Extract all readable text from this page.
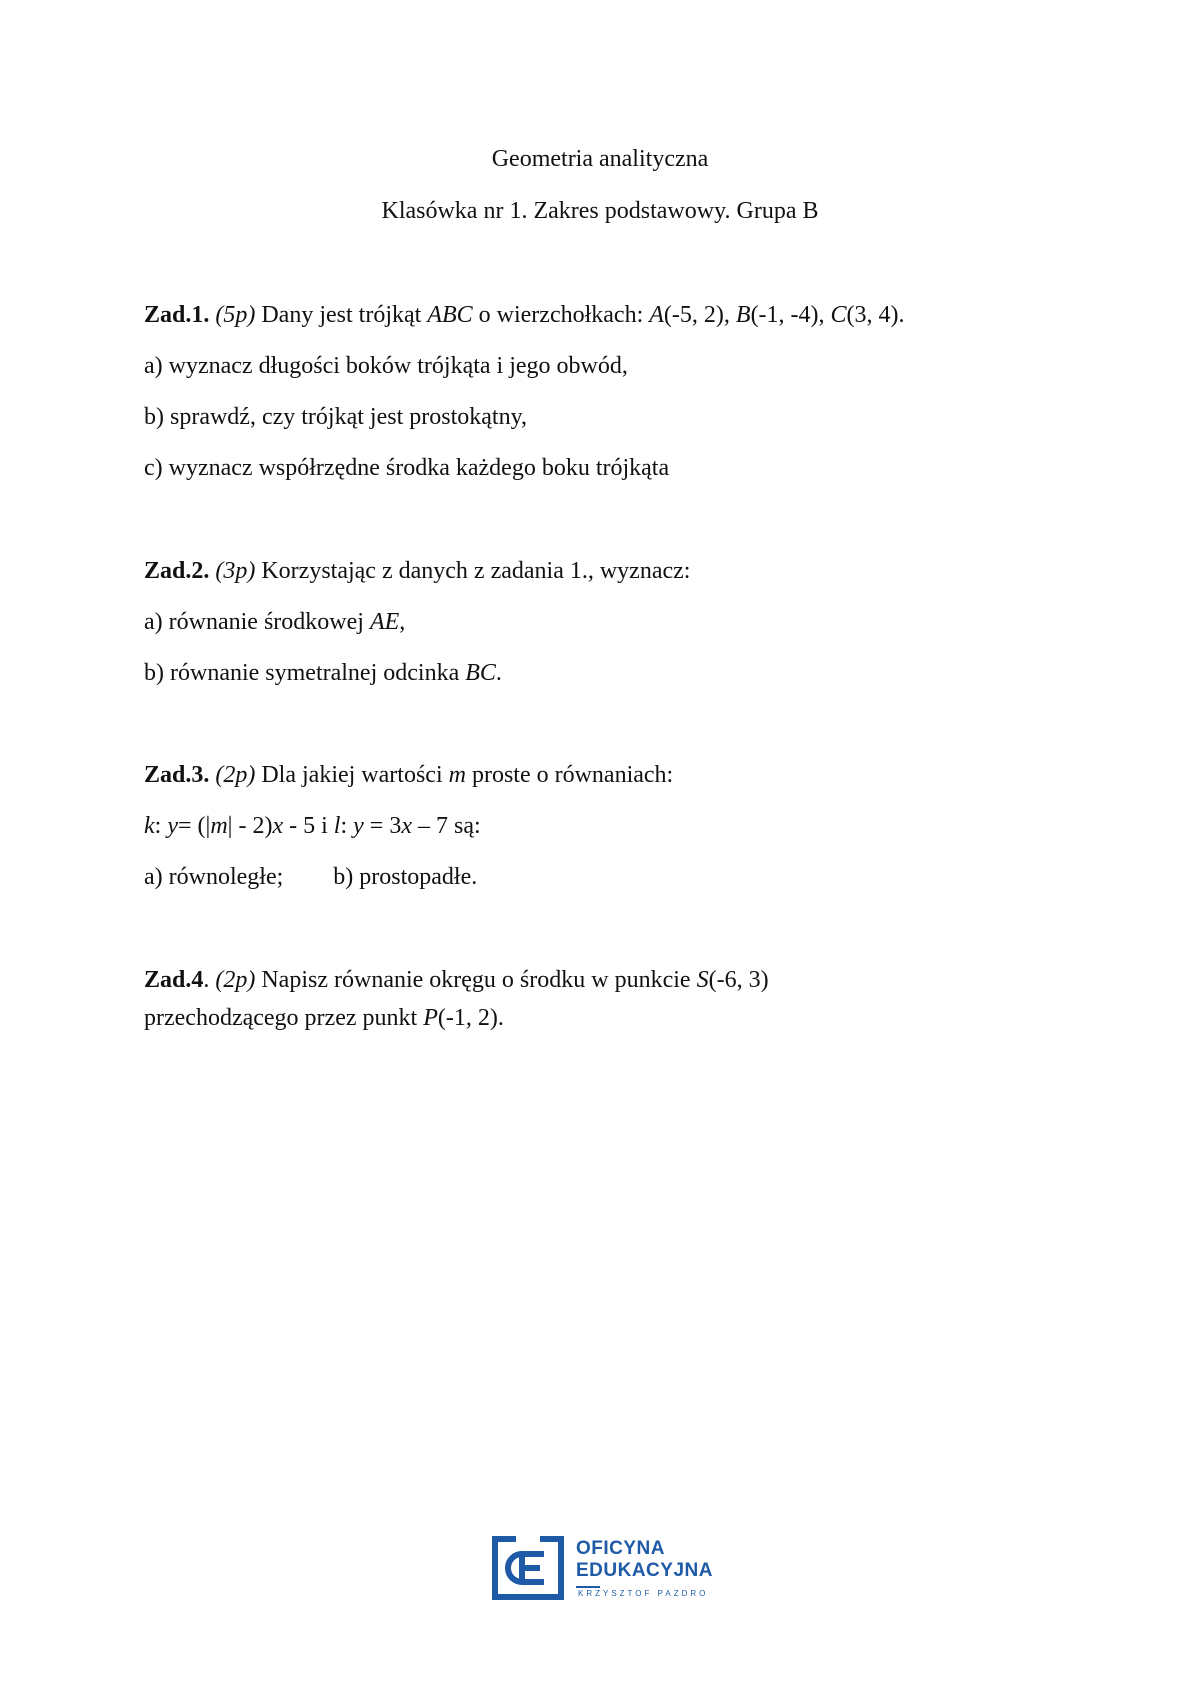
Geometria analityczna
Klasówka nr 1. Zakres podstawowy. Grupa B
Zad.1. (5p) Dany jest trójkąt ABC o wierzchołkach: A(-5, 2), B(-1, -4), C(3, 4).
a) wyznacz długości boków trójkąta i jego obwód,
b) sprawdź, czy trójkąt jest prostokątny,
c) wyznacz współrzędne środka każdego boku trójkąta
Zad.2. (3p) Korzystając z danych z zadania 1., wyznacz:
a) równanie środkowej AE,
b) równanie symetralnej odcinka BC.
Zad.3. (2p) Dla jakiej wartości m proste o równaniach:
k: y= (|m| - 2)x - 5 i l: y = 3x – 7 są:
a) równoległe; b) prostopadłe.
Zad.4. (2p) Napisz równanie okręgu o środku w punkcie S(-6, 3)
przechodzącego przez punkt P(-1, 2).
OFICYNA
EDUKACYJNA
KRZYSZTOF PAZDRO
